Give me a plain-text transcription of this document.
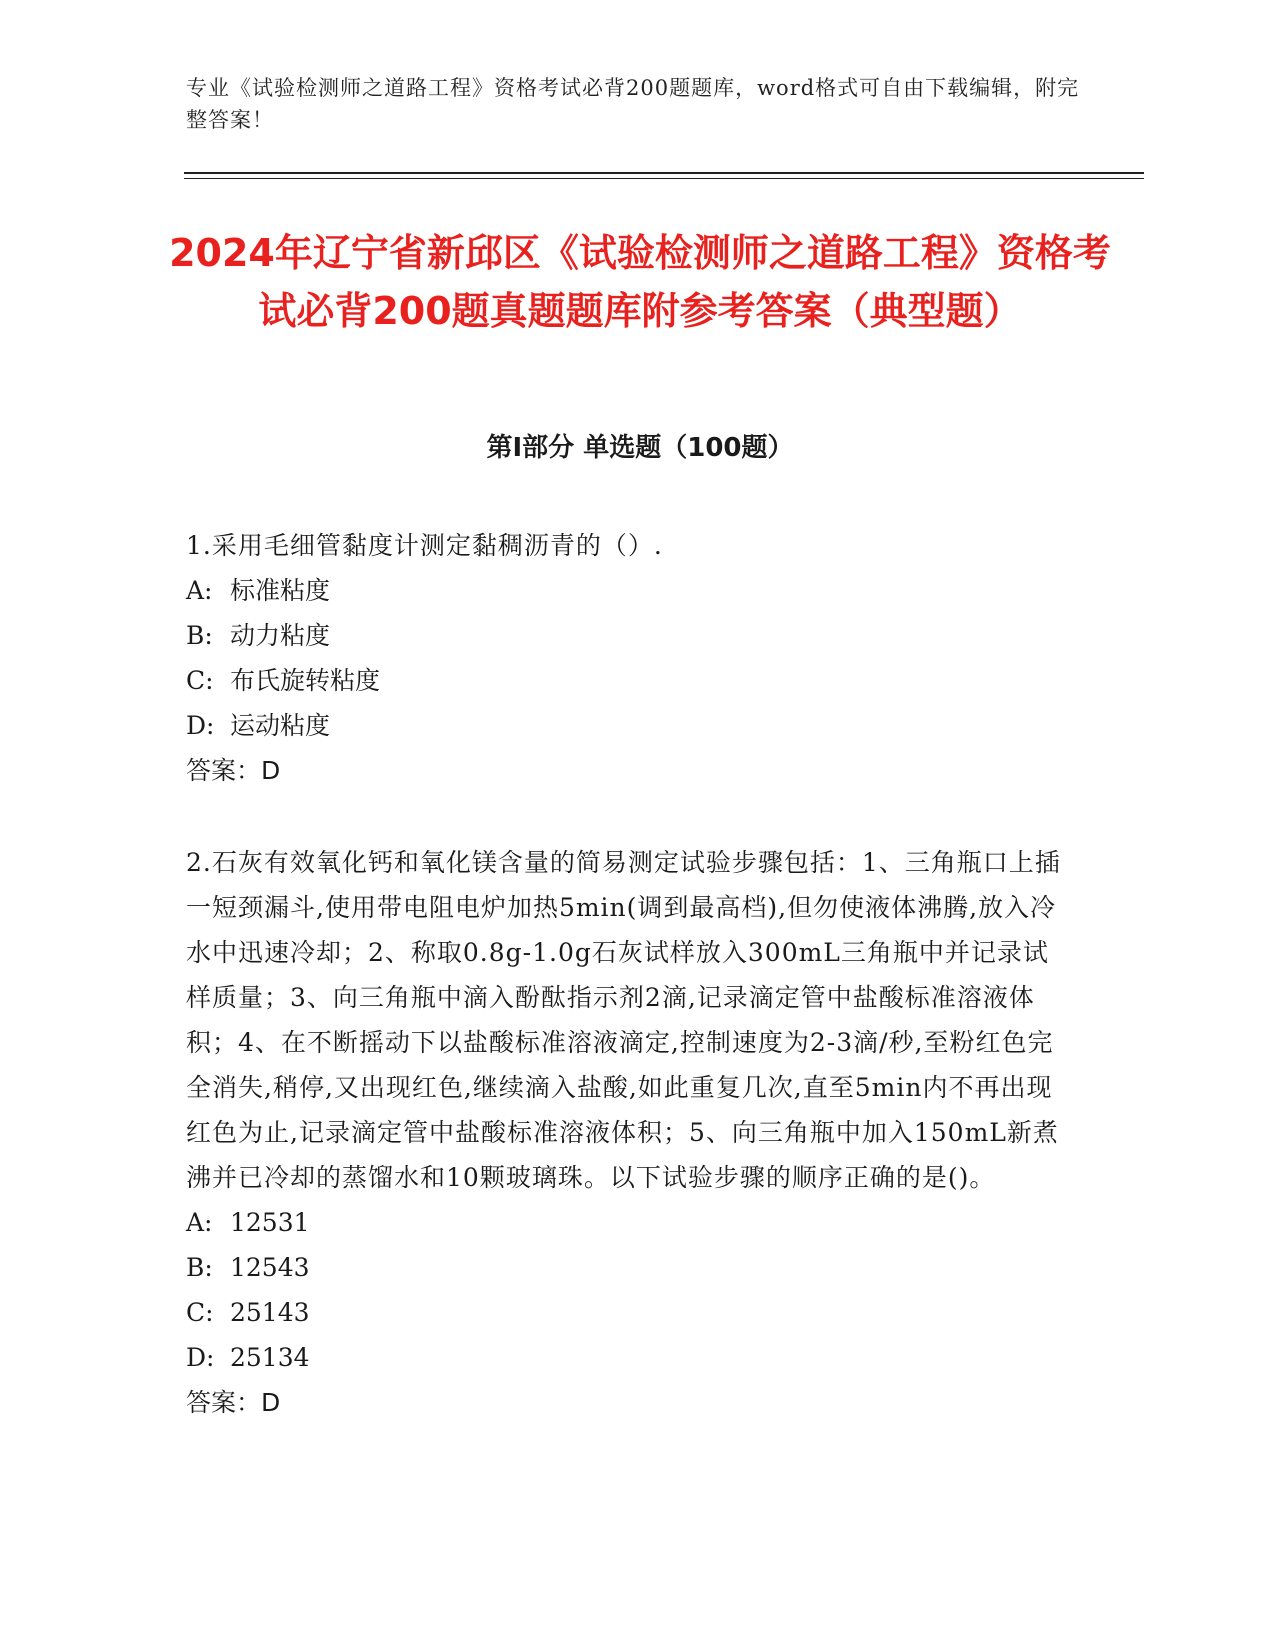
专业《试验检测师之道路工程》资格考试必背200题题库，word格式可自由下载编辑，附完整答案！
2024年辽宁省新邱区《试验检测师之道路工程》资格考试必背200题真题题库附参考答案（典型题）
第Ⅰ部分 单选题（100题）
1.采用毛细管黏度计测定黏稠沥青的（）.
A: 标准粘度
B: 动力粘度
C: 布氏旋转粘度
D: 运动粘度
答案：D
2.石灰有效氧化钙和氧化镁含量的简易测定试验步骤包括：1、三角瓶口上插一短颈漏斗,使用带电阻电炉加热5min(调到最高档),但勿使液体沸腾,放入冷水中迅速冷却；2、称取0.8g-1.0g石灰试样放入300mL三角瓶中并记录试样质量；3、向三角瓶中滴入酚酞指示剂2滴,记录滴定管中盐酸标准溶液体积；4、在不断摇动下以盐酸标准溶液滴定,控制速度为2-3滴/秒,至粉红色完全消失,稍停,又出现红色,继续滴入盐酸,如此重复几次,直至5min内不再出现红色为止,记录滴定管中盐酸标准溶液体积；5、向三角瓶中加入150mL新煮沸并已冷却的蒸馏水和10颗玻璃珠。以下试验步骤的顺序正确的是()。
A: 12531
B: 12543
C: 25143
D: 25134
答案：D
